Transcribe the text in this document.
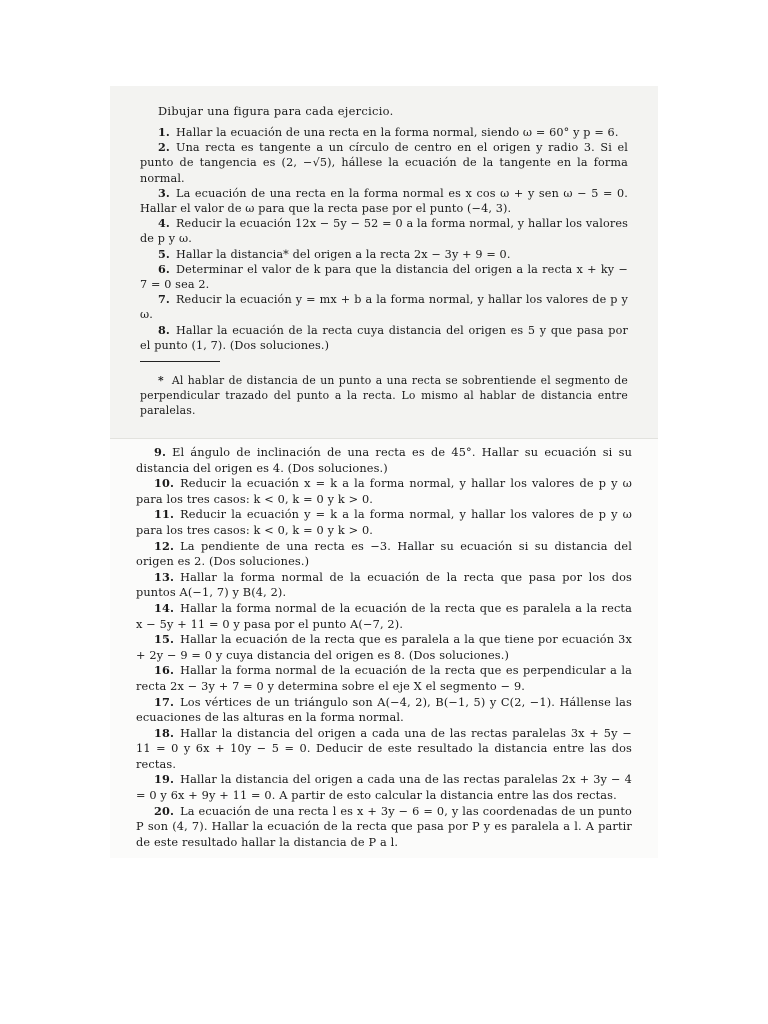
Dibujar una figura para cada ejercicio.

1. Hallar la ecuación de una recta en la forma normal, siendo ω = 60° y p = 6.

2. Una recta es tangente a un círculo de centro en el origen y radio 3. Si el punto de tangencia es (2, −√5), hállese la ecuación de la tangente en la forma normal.

3. La ecuación de una recta en la forma normal es x cos ω + y sen ω − 5 = 0. Hallar el valor de ω para que la recta pase por el punto (−4, 3).

4. Reducir la ecuación 12x − 5y − 52 = 0 a la forma normal, y hallar los valores de p y ω.

5. Hallar la distancia* del origen a la recta 2x − 3y + 9 = 0.

6. Determinar el valor de k para que la distancia del origen a la recta x + ky − 7 = 0 sea 2.

7. Reducir la ecuación y = mx + b a la forma normal, y hallar los valores de p y ω.

8. Hallar la ecuación de la recta cuya distancia del origen es 5 y que pasa por el punto (1, 7). (Dos soluciones.)

* Al hablar de distancia de un punto a una recta se sobrentiende el segmento de perpendicular trazado del punto a la recta. Lo mismo al hablar de distancia entre paralelas.

9. El ángulo de inclinación de una recta es de 45°. Hallar su ecuación si su distancia del origen es 4. (Dos soluciones.)

10. Reducir la ecuación x = k a la forma normal, y hallar los valores de p y ω para los tres casos: k < 0, k = 0 y k > 0.

11. Reducir la ecuación y = k a la forma normal, y hallar los valores de p y ω para los tres casos: k < 0, k = 0 y k > 0.

12. La pendiente de una recta es −3. Hallar su ecuación si su distancia del origen es 2. (Dos soluciones.)

13. Hallar la forma normal de la ecuación de la recta que pasa por los dos puntos A(−1, 7) y B(4, 2).

14. Hallar la forma normal de la ecuación de la recta que es paralela a la recta x − 5y + 11 = 0 y pasa por el punto A(−7, 2).

15. Hallar la ecuación de la recta que es paralela a la que tiene por ecuación 3x + 2y − 9 = 0 y cuya distancia del origen es 8. (Dos soluciones.)

16. Hallar la forma normal de la ecuación de la recta que es perpendicular a la recta 2x − 3y + 7 = 0 y determina sobre el eje X el segmento − 9.

17. Los vértices de un triángulo son A(−4, 2), B(−1, 5) y C(2, −1). Háll​ense las ecuaciones de las alturas en la forma normal.

18. Hallar la distancia del origen a cada una de las rectas paralelas 3x + 5y − 11 = 0 y 6x + 10y − 5 = 0. Deducir de este resultado la distancia entre las dos rectas.

19. Hallar la distancia del origen a cada una de las rectas paralelas 2x + 3y − 4 = 0 y 6x + 9y + 11 = 0. A partir de esto calcular la distancia entre las dos rectas.

20. La ecuación de una recta l es x + 3y − 6 = 0, y las coordenadas de un punto P son (4, 7). Hallar la ecuación de la recta que pasa por P y es paralela a l. A partir de este resultado hallar la distancia de P a l.
